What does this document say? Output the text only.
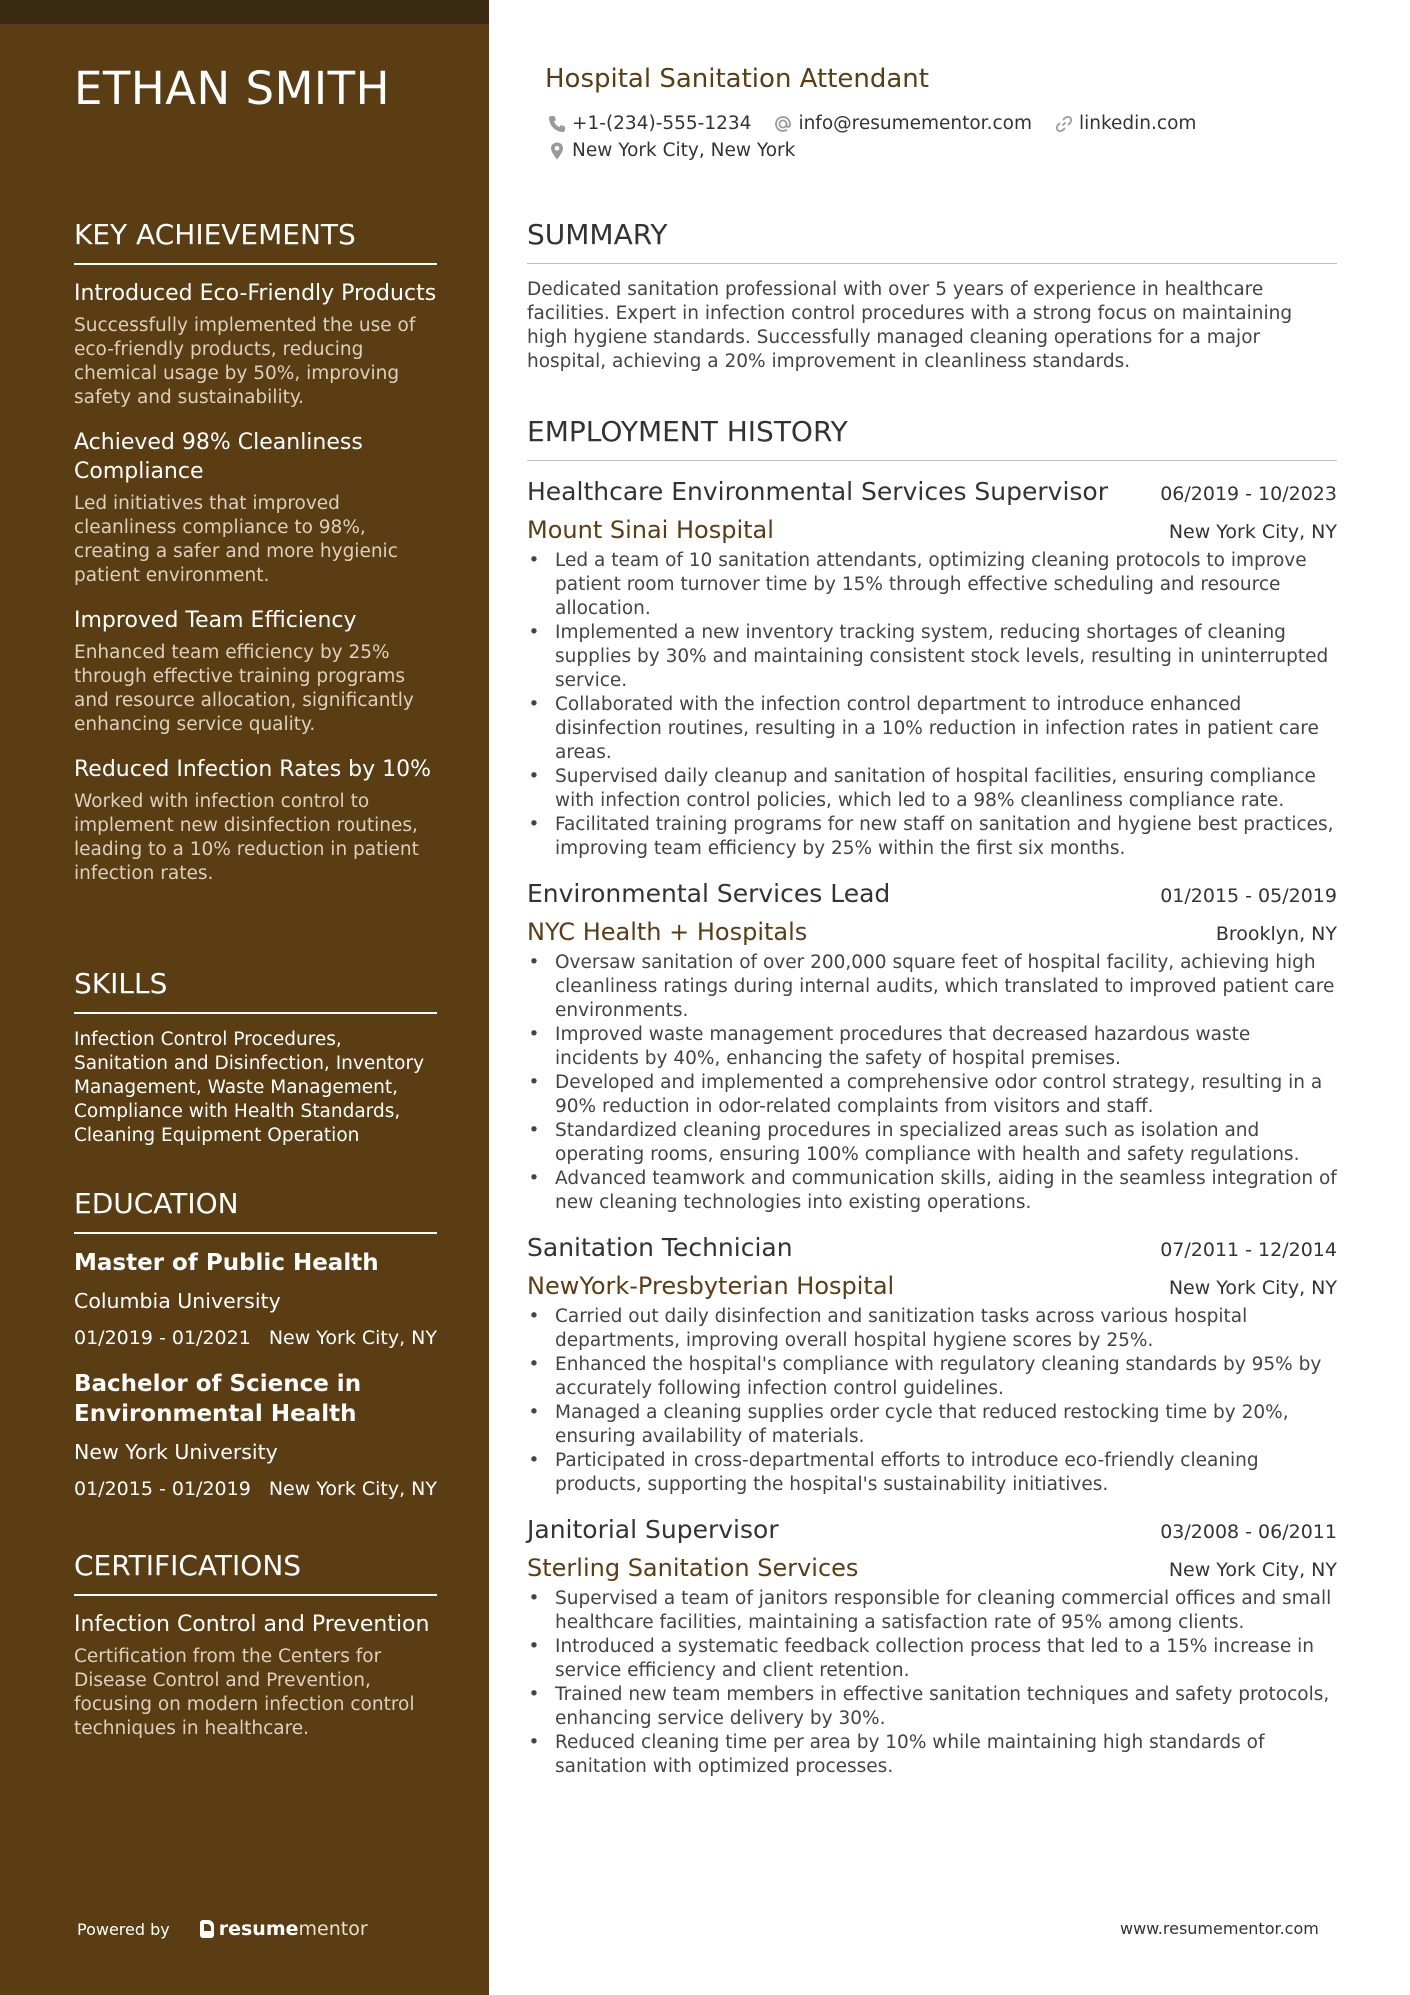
ETHAN SMITH
KEY ACHIEVEMENTS
Introduced Eco-Friendly Products
Successfully implemented the use of eco-friendly products, reducing chemical usage by 50%, improving safety and sustainability.
Achieved 98% Cleanliness Compliance
Led initiatives that improved cleanliness compliance to 98%, creating a safer and more hygienic patient environment.
Improved Team Efficiency
Enhanced team efficiency by 25% through effective training programs and resource allocation, significantly enhancing service quality.
Reduced Infection Rates by 10%
Worked with infection control to implement new disinfection routines, leading to a 10% reduction in patient infection rates.
SKILLS
Infection Control Procedures, Sanitation and Disinfection, Inventory Management, Waste Management, Compliance with Health Standards, Cleaning Equipment Operation
EDUCATION
Master of Public Health
Columbia University
01/2019 - 01/2021 New York City, NY
Bachelor of Science in Environmental Health
New York University
01/2015 - 01/2019 New York City, NY
CERTIFICATIONS
Infection Control and Prevention
Certification from the Centers for Disease Control and Prevention, focusing on modern infection control techniques in healthcare.
Powered by	resume mentor
Hospital Sanitation Attendant
+1-(234)-555-1234	info@resumementor.com	linkedin.com
New York City, New York
SUMMARY
Dedicated sanitation professional with over 5 years of experience in healthcare facilities. Expert in infection control procedures with a strong focus on maintaining high hygiene standards. Successfully managed cleaning operations for a major hospital, achieving a 20% improvement in cleanliness standards.
EMPLOYMENT HISTORY
Healthcare Environmental Services Supervisor	06/2019 - 10/2023
Mount Sinai Hospital	New York City, NY
• Led a team of 10 sanitation attendants, optimizing cleaning protocols to improve patient room turnover time by 15% through effective scheduling and resource allocation.
• Implemented a new inventory tracking system, reducing shortages of cleaning supplies by 30% and maintaining consistent stock levels, resulting in uninterrupted service.
• Collaborated with the infection control department to introduce enhanced disinfection routines, resulting in a 10% reduction in infection rates in patient care areas.
• Supervised daily cleanup and sanitation of hospital facilities, ensuring compliance with infection control policies, which led to a 98% cleanliness compliance rate.
• Facilitated training programs for new staff on sanitation and hygiene best practices, improving team efficiency by 25% within the first six months.
Environmental Services Lead	01/2015 - 05/2019
NYC Health + Hospitals	Brooklyn, NY
• Oversaw sanitation of over 200,000 square feet of hospital facility, achieving high cleanliness ratings during internal audits, which translated to improved patient care environments.
• Improved waste management procedures that decreased hazardous waste incidents by 40%, enhancing the safety of hospital premises.
• Developed and implemented a comprehensive odor control strategy, resulting in a 90% reduction in odor-related complaints from visitors and staff.
• Standardized cleaning procedures in specialized areas such as isolation and operating rooms, ensuring 100% compliance with health and safety regulations.
• Advanced teamwork and communication skills, aiding in the seamless integration of new cleaning technologies into existing operations.
Sanitation Technician	07/2011 - 12/2014
NewYork-Presbyterian Hospital	New York City, NY
• Carried out daily disinfection and sanitization tasks across various hospital departments, improving overall hospital hygiene scores by 25%.
• Enhanced the hospital's compliance with regulatory cleaning standards by 95% by accurately following infection control guidelines.
• Managed a cleaning supplies order cycle that reduced restocking time by 20%, ensuring availability of materials.
• Participated in cross-departmental efforts to introduce eco-friendly cleaning products, supporting the hospital's sustainability initiatives.
Janitorial Supervisor	03/2008 - 06/2011
Sterling Sanitation Services	New York City, NY
• Supervised a team of janitors responsible for cleaning commercial offices and small healthcare facilities, maintaining a satisfaction rate of 95% among clients.
• Introduced a systematic feedback collection process that led to a 15% increase in service efficiency and client retention.
• Trained new team members in effective sanitation techniques and safety protocols, enhancing service delivery by 30%.
• Reduced cleaning time per area by 10% while maintaining high standards of sanitation with optimized processes.
www.resumementor.com
